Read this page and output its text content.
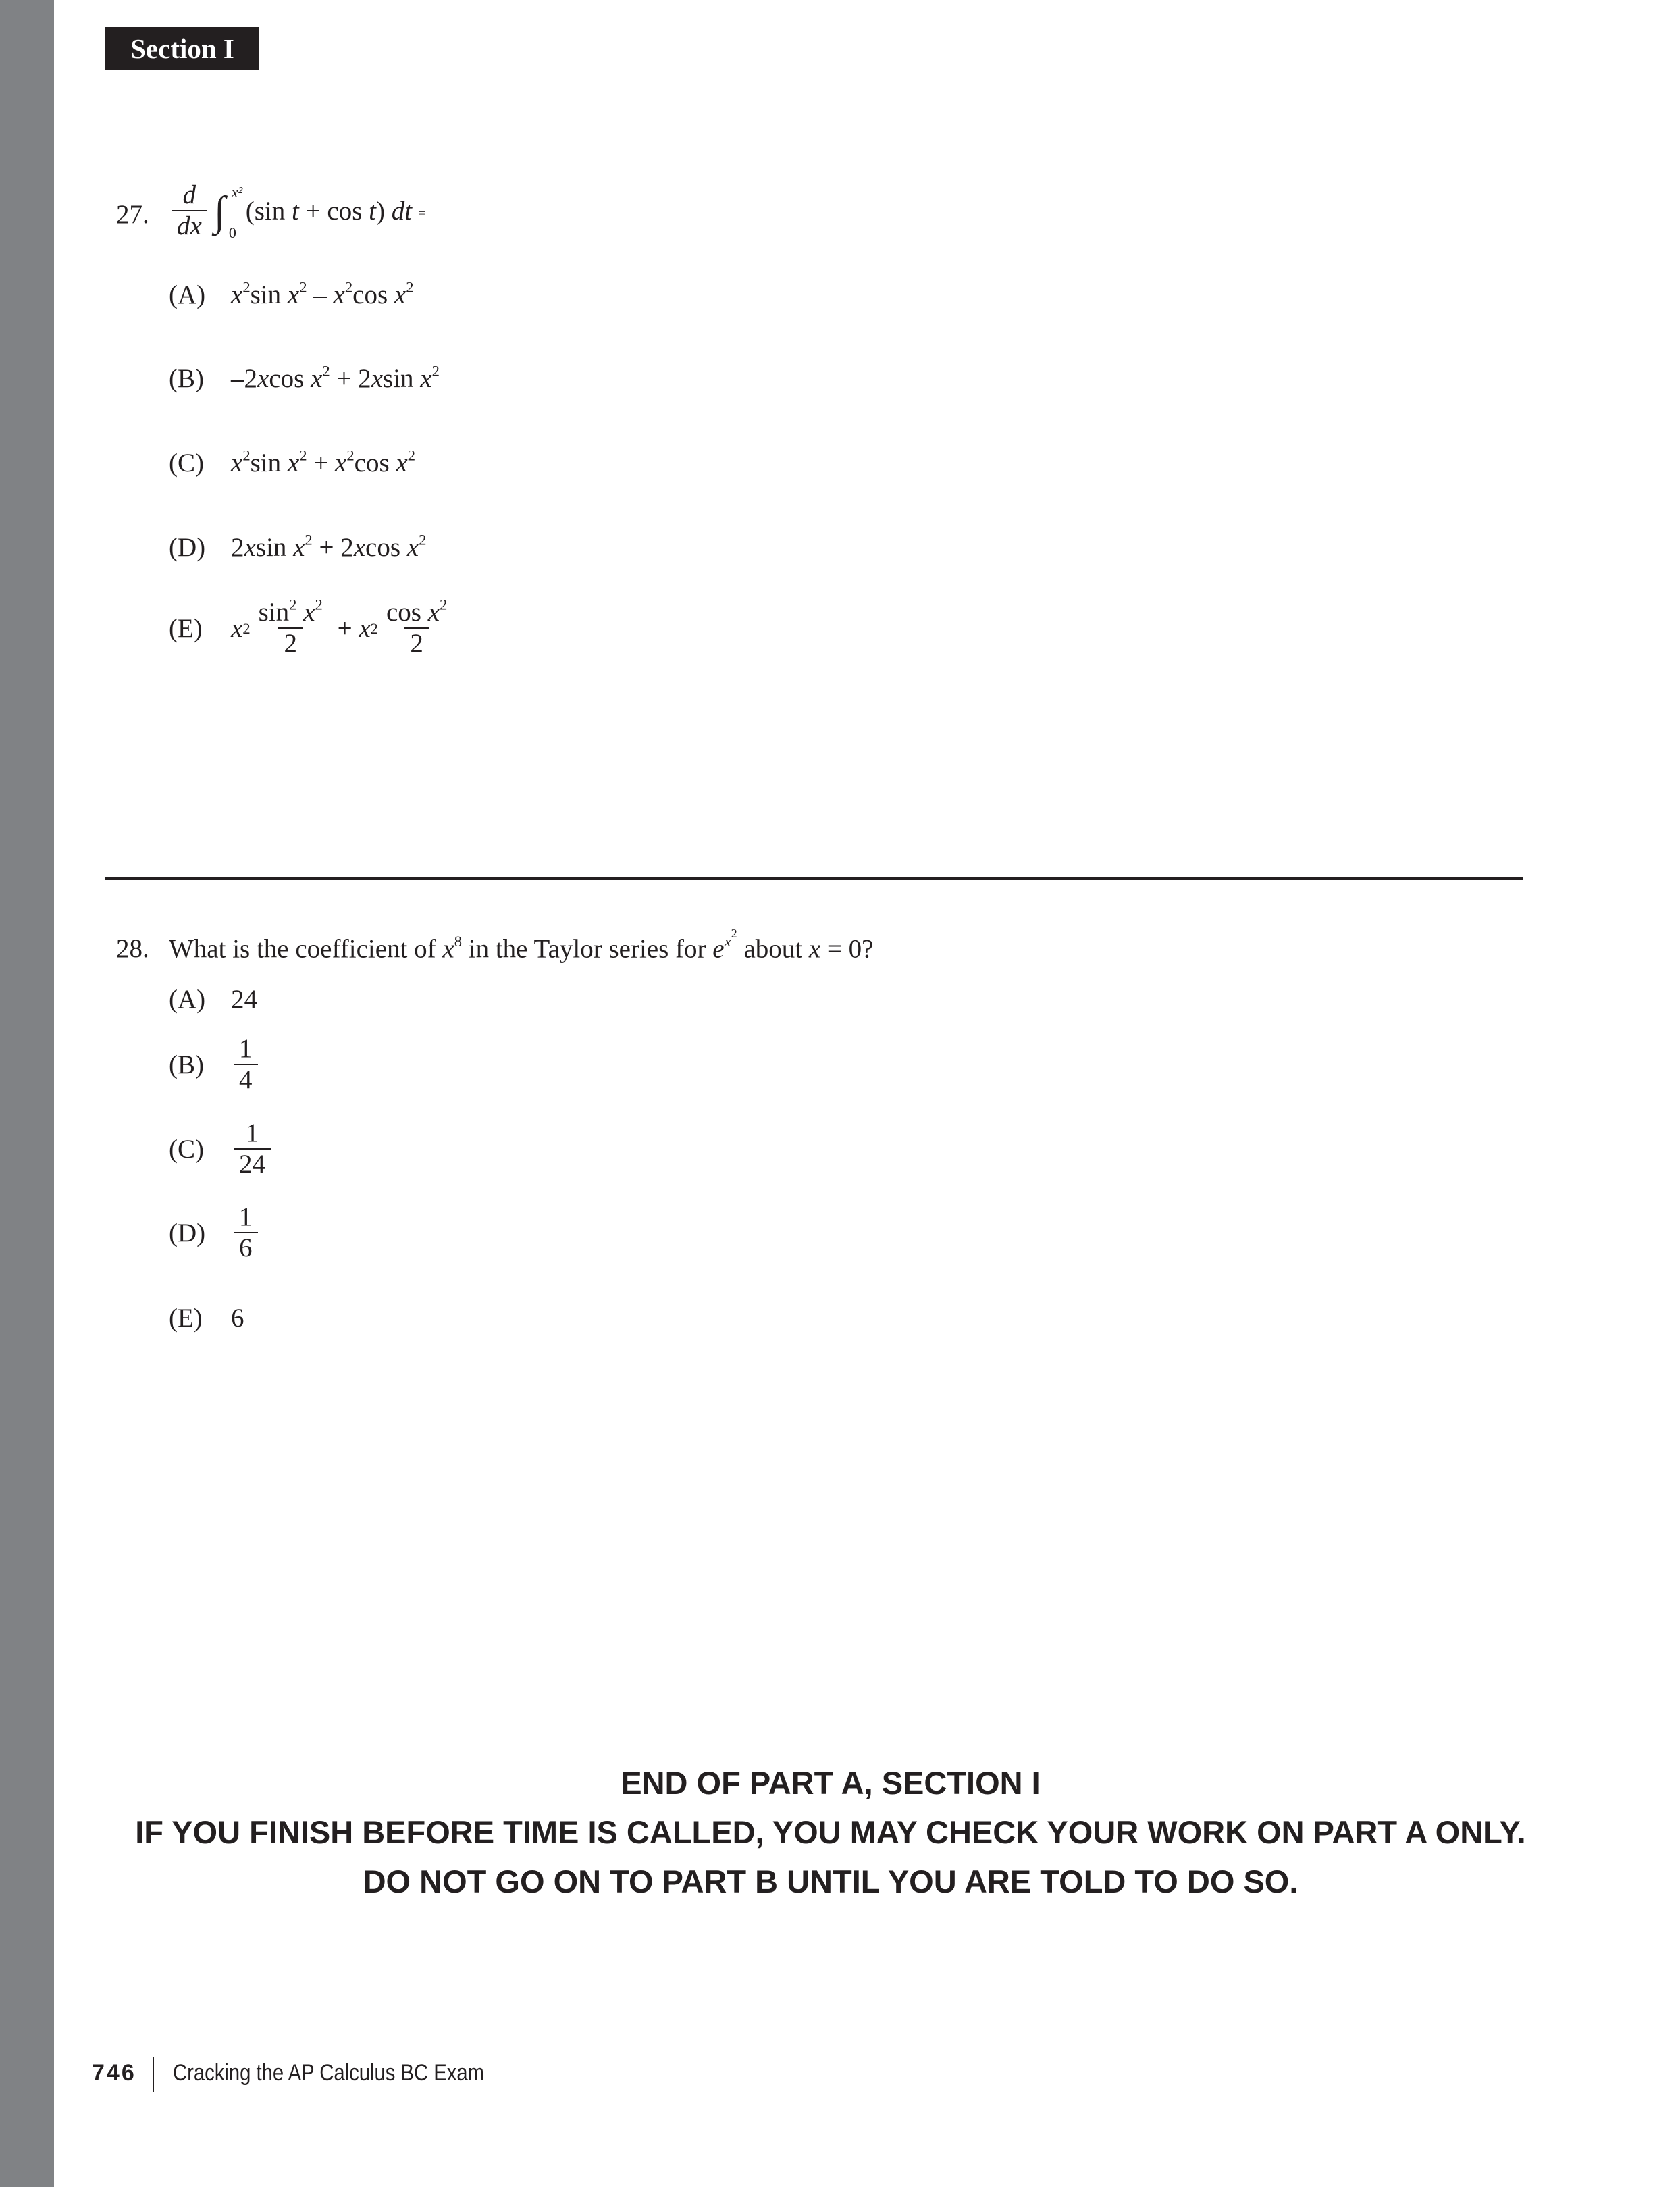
Section I
27. $\frac{d}{dx}$ ∫ x²
0
(sin t + cos t) dt =
(A) $x^2\sin$ $x^2 - x^2\cos$ $x^2$
(B)	–2xcos $x^2 + 2xsin$ $x^2$
(C)	$x^2\sin$ $x^2 + x^2\cos$ $x^2$
(D) 2xsin $x^2 + 2xcos$ $x^2$
(E)	x $2 \frac{\sin^2 x^2}{2} + x$ $2 \frac{\cos x^2}{2}$
28. What is the coefficient of $x^8$ in the Taylor series for $e^{x^2}$ about x = 0?
(A) 24
(B)	$\frac{1}{4}$
(C)	$\frac{1}{24}$
(D)	$\frac{1}{6}$
(E)	6
END OF PART A, SECTION I
IF YOU FINISH BEFORE TIME IS CALLED, YOU MAY CHECK YOUR WORK ON PART A ONLY.
DO NOT GO ON TO PART B UNTIL YOU ARE TOLD TO DO SO.
746 Cracking the AP Calculus BC Exam
